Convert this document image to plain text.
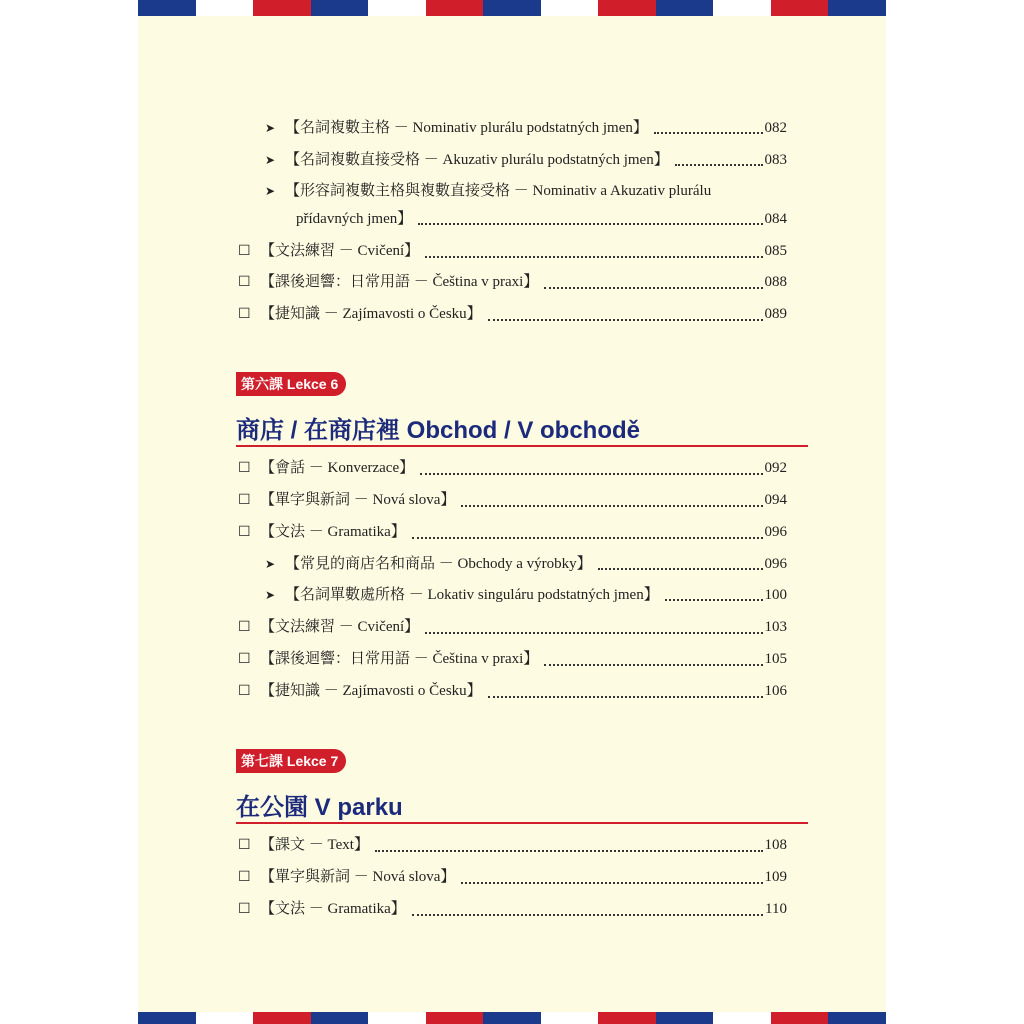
➤ 【名詞複數主格 － Nominativ plurálu podstatných jmen】	082
➤ 【名詞複數直接受格 － Akuzativ plurálu podstatných jmen】	083
➤ 【形容詞複數主格與複數直接受格 － Nominativ a Akuzativ plurálu
přídavných jmen】	084
☐ 【文法練習 － Cvičení】	085
☐ 【課後迴響：日常用語 － Čeština v praxi】	088
☐ 【捷知識 － Zajímavosti o Česku】	089
第六課 Lekce 6
商店 / 在商店裡 Obchod / V obchodě
☐ 【會話 － Konverzace】	092
☐ 【單字與新詞 － Nová slova】	094
☐ 【文法 － Gramatika】	096
➤ 【常見的商店名和商品 － Obchody a výrobky】	096
➤ 【名詞單數處所格 － Lokativ singuláru podstatných jmen】	100
☐ 【文法練習 － Cvičení】	103
☐ 【課後迴響：日常用語 － Čeština v praxi】	105
☐ 【捷知識 － Zajímavosti o Česku】	106
第七課 Lekce 7
在公園 V parku
☐ 【課文 － Text】	108
☐ 【單字與新詞 － Nová slova】	109
☐ 【文法 － Gramatika】	110
